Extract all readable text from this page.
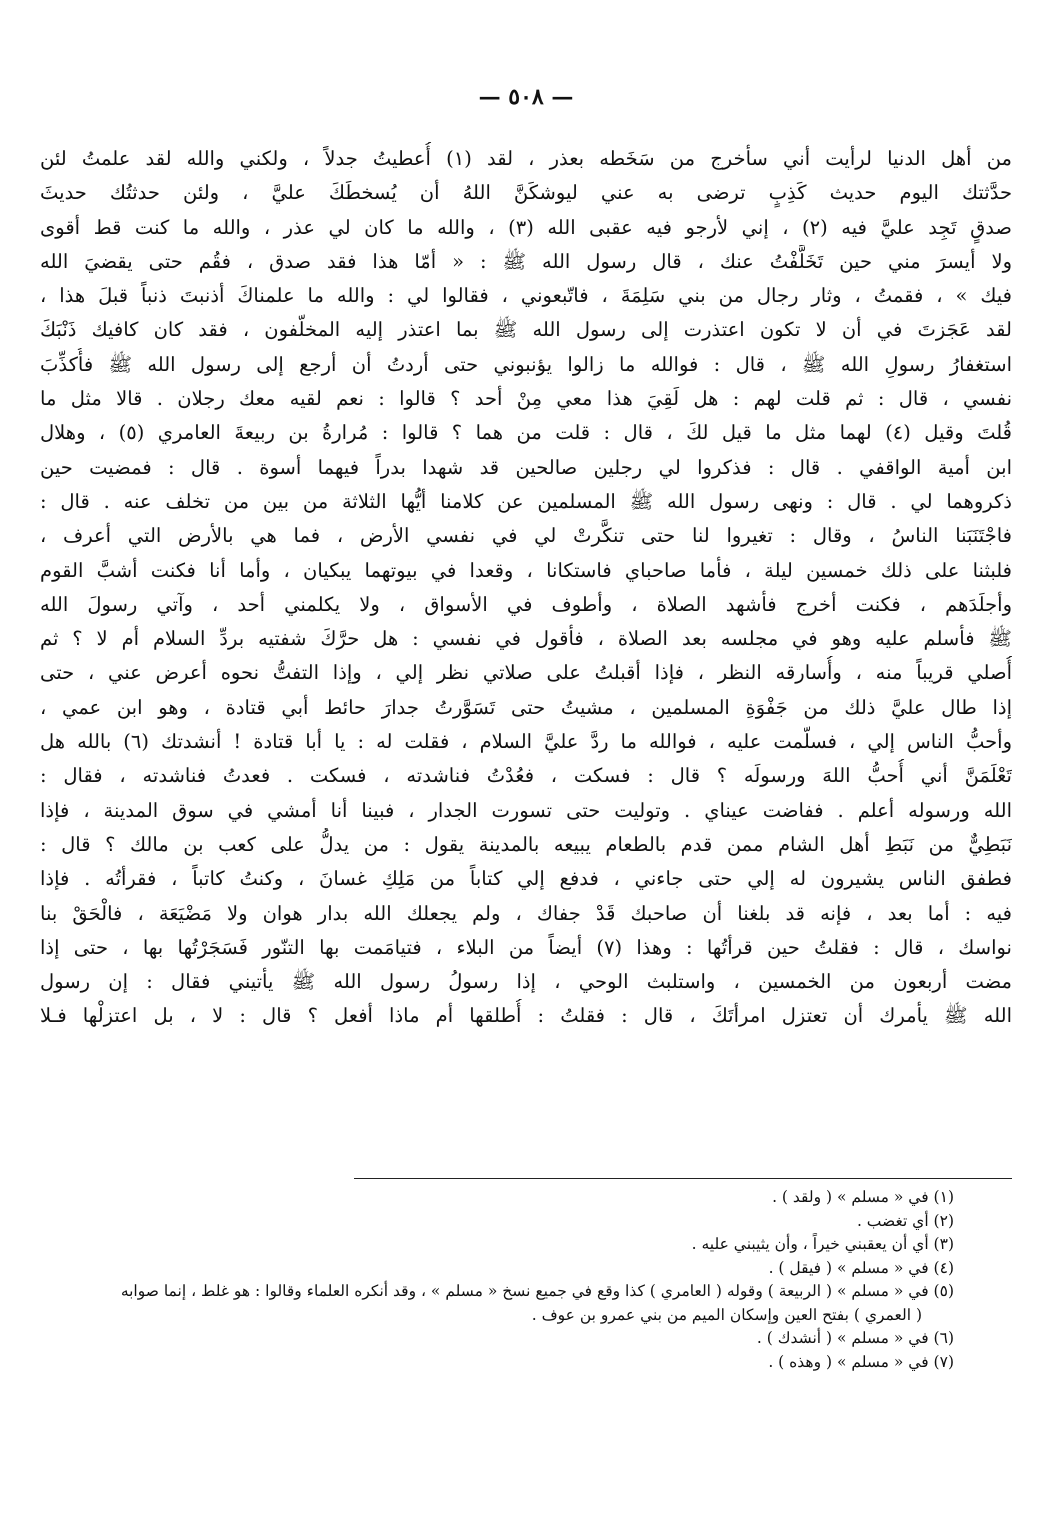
— ٥٠٨ —
من أهل الدنيا لرأيت أني سأخرج من سَخَطه بعذر ، لقد (١) أُعطيتُ جدلاً ، ولكني والله لقد علمتُ لئن
حدَّثتك اليوم حديث كَذِبٍ ترضى به عني ليوشكَنَّ اللهُ أن يُسخطَكَ عليَّ ، ولئن حدثتُك حديثَ
صدقٍ تَجِد عليَّ فيه (٢) ، إني لأرجو فيه عقبى الله (٣) ، والله ما كان لي عذر ، والله ما كنت قط أقوى
ولا أيسرَ مني حين تَخَلَّفْتُ عنك ، قال رسول الله ﷺ : « أمّا هذا فقد صدق ، فقُم حتى يقضيَ الله
فيك » ، فقمتُ ، وثار رجال من بني سَلِمَةَ ، فاتّبعوني ، فقالوا لي : والله ما علمناكَ أذنبتَ ذنباً قبلَ هذا ،
لقد عَجَزتَ في أن لا تكون اعتذرت إلى رسول الله ﷺ بما اعتذر إليه المخلّفون ، فقد كان كافيك ذَنْبَكَ
استغفارُ رسولِ الله ﷺ ، قال : فوالله ما زالوا يؤنبوني حتى أردتُ أن أرجع إلى رسول الله ﷺ فأُكذِّبَ
نفسي ، قال : ثم قلت لهم : هل لَقِيَ هذا معي مِنْ أحد ؟ قالوا : نعم لقيه معك رجلان . قالا مثل ما
قُلتَ وقيل (٤) لهما مثل ما قيل لكَ ، قال : قلت من هما ؟ قالوا : مُرارةُ بن ربيعةَ العامري (٥) ، وهلال
ابن أمية الواقفي . قال : فذكروا لي رجلين صالحين قد شهدا بدراً فيهما أسوة . قال : فمضيت حين
ذكروهما لي . قال : ونهى رسول الله ﷺ المسلمين عن كلامنا أيُّها الثلاثة من بين من تخلف عنه . قال :
فاجْتَنَبَنا الناسُ ، وقال : تغيروا لنا حتى تنكَّرتْ لي في نفسي الأرض ، فما هي بالأرض التي أعرف ،
فلبثنا على ذلك خمسين ليلة ، فأما صاحباي فاستكانا ، وقعدا في بيوتهما يبكيان ، وأما أنا فكنت أشبَّ القوم
وأجلَدَهم ، فكنت أخرج فأشهد الصلاة ، وأطوف في الأسواق ، ولا يكلمني أحد ، وآتي رسولَ الله
ﷺ فأسلم عليه وهو في مجلسه بعد الصلاة ، فأقول في نفسي : هل حرَّكَ شفتيه بردِّ السلام أم لا ؟ ثم
أُصلي قريباً منه ، وأُسارقه النظر ، فإذا أقبلتُ على صلاتي نظر إلي ، وإذا التفتُّ نحوه أعرض عني ، حتى
إذا طال عليَّ ذلك من جَفْوَةِ المسلمين ، مشيتُ حتى تَسَوَّرتُ جدارَ حائط أبي قتادة ، وهو ابن عمي ،
وأحبُّ الناس إلي ، فسلّمت عليه ، فوالله ما ردَّ عليَّ السلام ، فقلت له : يا أبا قتادة ! أنشدتك (٦) بالله هل
تَعْلَمَنَّ أني أُحبُّ اللهَ ورسولَه ؟ قال : فسكت ، فعُدْتُ فناشدته ، فسكت . فعدتُ فناشدته ، فقال :
الله ورسوله أعلم . ففاضت عيناي . وتوليت حتى تسورت الجدار ، فبينا أنا أمشي في سوق المدينة ، فإذا
نَبَطِيٌّ من نَبَطِ أهل الشام ممن قدم بالطعام يبيعه بالمدينة يقول : من يدلُّ على كعب بن مالك ؟ قال :
فطفق الناس يشيرون له إلي حتى جاءني ، فدفع إلي كتاباً من مَلِكِ غسانَ ، وكنتُ كاتباً ، فقرأتُه . فإذا
فيه : أما بعد ، فإنه قد بلغنا أن صاحبك قَدْ جفاك ، ولم يجعلك الله بدار هوان ولا مَضْيَعَة ، فالْحَقْ بنا
نواسك ، قال : فقلتُ حين قرأتُها : وهذا (٧) أيضاً من البلاء ، فتيامَمت بها التنّور فَسَجَرْتُها بها ، حتى إذا
مضت أربعون من الخمسين ، واستلبث الوحي ، إذا رسولُ رسول الله ﷺ يأتيني فقال : إن رسول
الله ﷺ يأمرك أن تعتزل امرأتَكَ ، قال : فقلتُ : أُطلقها أم ماذا أفعل ؟ قال : لا ، بل اعتزلْها فـلا
(١) في « مسلم » ( ولقد ) .
(٢) أي تغضب .
(٣) أي أن يعقبني خيراً ، وأن يثيبني عليه .
(٤) في « مسلم » ( فيقل ) .
(٥) في « مسلم » ( الربيعة ) وقوله ( العامري ) كذا وقع في جميع نسخ « مسلم » ، وقد أنكره العلماء وقالوا : هو غلط ، إنما صوابه
( العمري ) بفتح العين وإسكان الميم من بني عمرو بن عوف .
(٦) في « مسلم » ( أنشدك ) .
(٧) في « مسلم » ( وهذه ) .
